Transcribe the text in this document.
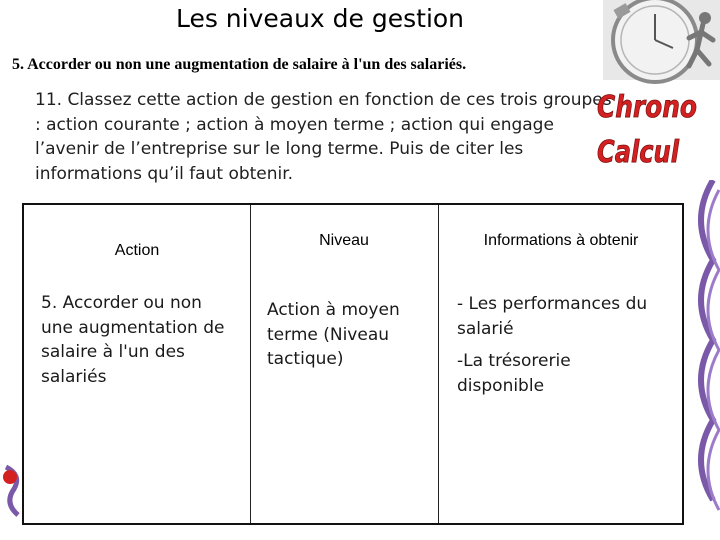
Les niveaux de gestion
5. Accorder ou non une augmentation de salaire à l'un des salariés.
11. Classez cette action de gestion en fonction de ces trois groupes : action courante ; action à moyen terme ; action qui engage l’avenir de l’entreprise sur le long terme. Puis de citer les informations qu’il faut obtenir.
Chrono
Calcul
Action
Niveau	Informations à obtenir
5. Accorder ou non une augmentation de salaire à l'un des salariés
Action à moyen terme (Niveau tactique)
- Les performances du salarié
-La trésorerie disponible
